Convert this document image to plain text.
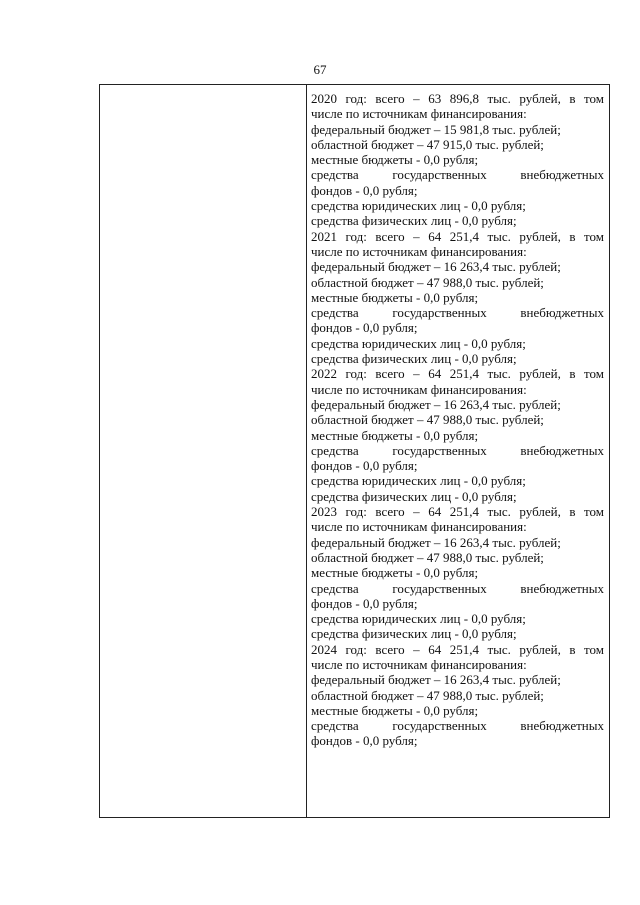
67
2020 год: всего – 63 896,8 тыс. рублей, в том
числе по источникам финансирования:
федеральный бюджет – 15 981,8 тыс. рублей;
областной бюджет – 47 915,0 тыс. рублей;
местные бюджеты - 0,0 рубля;
средства государственных внебюджетных
фондов - 0,0 рубля;
средства юридических лиц - 0,0 рубля;
средства физических лиц - 0,0 рубля;
2021 год: всего – 64 251,4 тыс. рублей, в том
числе по источникам финансирования:
федеральный бюджет – 16 263,4 тыс. рублей;
областной бюджет – 47 988,0 тыс. рублей;
местные бюджеты - 0,0 рубля;
средства государственных внебюджетных
фондов - 0,0 рубля;
средства юридических лиц - 0,0 рубля;
средства физических лиц - 0,0 рубля;
2022 год: всего – 64 251,4 тыс. рублей, в том
числе по источникам финансирования:
федеральный бюджет – 16 263,4 тыс. рублей;
областной бюджет – 47 988,0 тыс. рублей;
местные бюджеты - 0,0 рубля;
средства государственных внебюджетных
фондов - 0,0 рубля;
средства юридических лиц - 0,0 рубля;
средства физических лиц - 0,0 рубля;
2023 год: всего – 64 251,4 тыс. рублей, в том
числе по источникам финансирования:
федеральный бюджет – 16 263,4 тыс. рублей;
областной бюджет – 47 988,0 тыс. рублей;
местные бюджеты - 0,0 рубля;
средства государственных внебюджетных
фондов - 0,0 рубля;
средства юридических лиц - 0,0 рубля;
средства физических лиц - 0,0 рубля;
2024 год: всего – 64 251,4 тыс. рублей, в том
числе по источникам финансирования:
федеральный бюджет – 16 263,4 тыс. рублей;
областной бюджет – 47 988,0 тыс. рублей;
местные бюджеты - 0,0 рубля;
средства государственных внебюджетных
фондов - 0,0 рубля;
